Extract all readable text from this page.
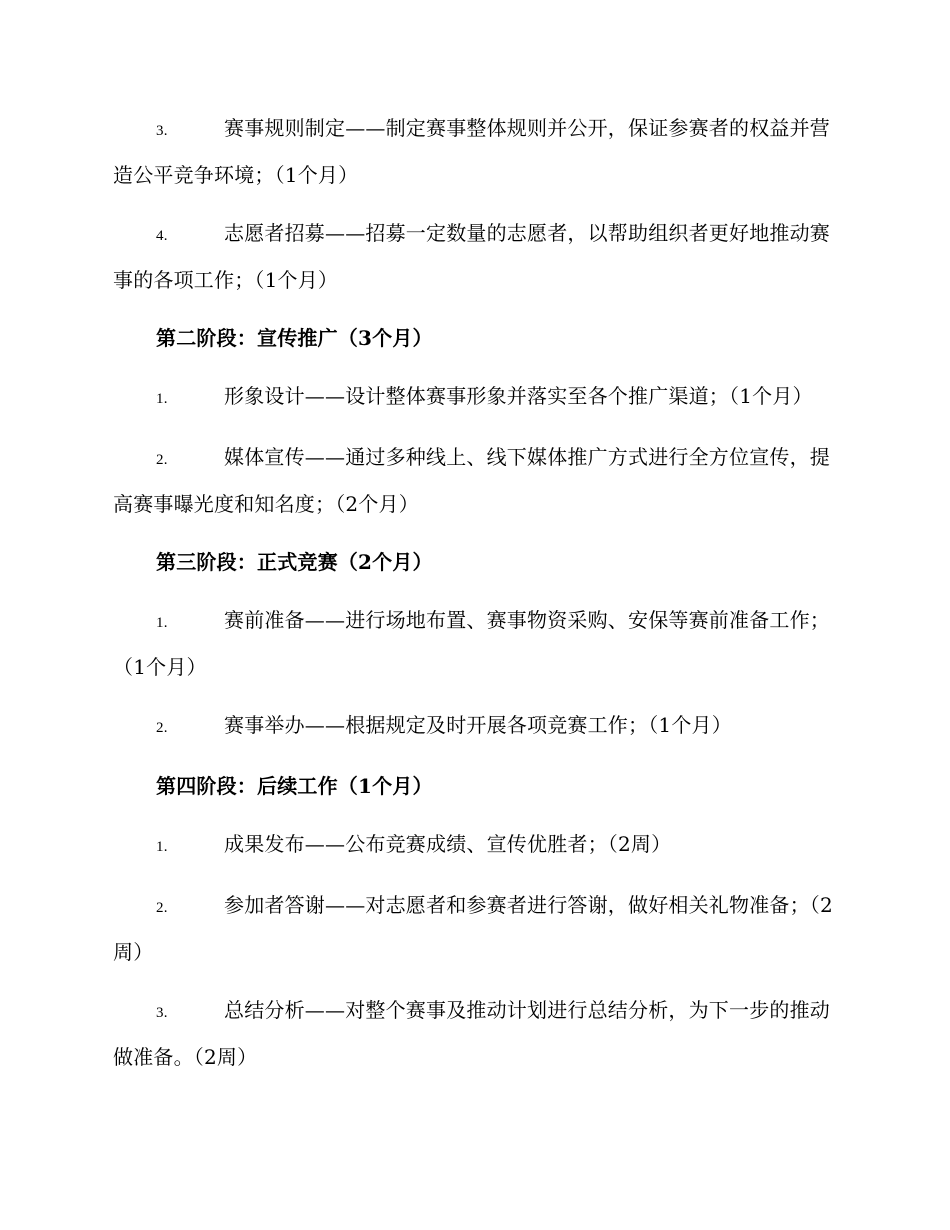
3.	赛事规则制定——制定赛事整体规则并公开，保证参赛者的权益并营造公平竞争环境；（1个月）

4.	志愿者招募——招募一定数量的志愿者，以帮助组织者更好地推动赛事的各项工作；（1个月）

第二阶段：宣传推广（3个月）

1.	形象设计——设计整体赛事形象并落实至各个推广渠道；（1个月）

2.	媒体宣传——通过多种线上、线下媒体推广方式进行全方位宣传，提高赛事曝光度和知名度；（2个月）

第三阶段：正式竞赛（2个月）

1.	赛前准备——进行场地布置、赛事物资采购、安保等赛前准备工作；（1个月）

2.	赛事举办——根据规定及时开展各项竞赛工作；（1个月）

第四阶段：后续工作（1个月）

1.	成果发布——公布竞赛成绩、宣传优胜者；（2周）

2.	参加者答谢——对志愿者和参赛者进行答谢，做好相关礼物准备；（2周）

3.	总结分析——对整个赛事及推动计划进行总结分析，为下一步的推动做准备。（2周）
